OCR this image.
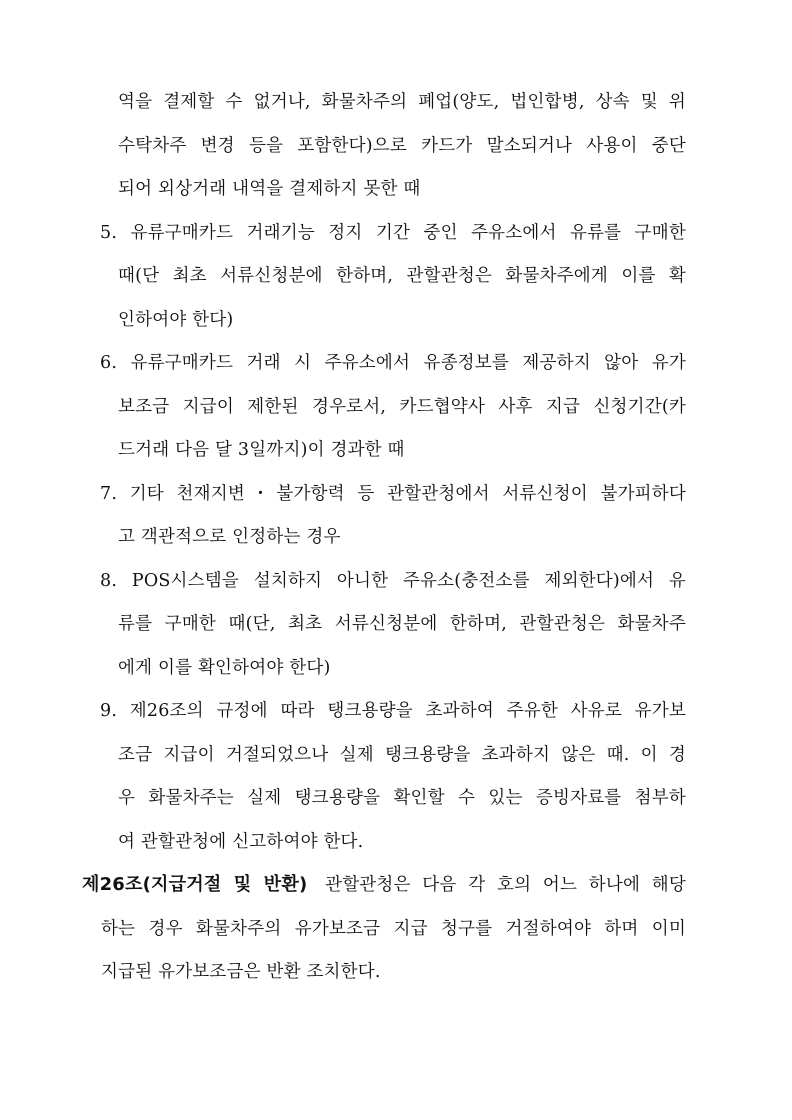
역을 결제할 수 없거나, 화물차주의 폐업(양도, 법인합병, 상속 및 위
수탁차주 변경 등을 포함한다)으로 카드가 말소되거나 사용이 중단
되어 외상거래 내역을 결제하지 못한 때
5. 유류구매카드 거래기능 정지 기간 중인 주유소에서 유류를 구매한
때(단 최초 서류신청분에 한하며, 관할관청은 화물차주에게 이를 확
인하여야 한다)
6. 유류구매카드 거래 시 주유소에서 유종정보를 제공하지 않아 유가
보조금 지급이 제한된 경우로서, 카드협약사 사후 지급 신청기간(카
드거래 다음 달 3일까지)이 경과한 때
7. 기타 천재지변・불가항력 등 관할관청에서 서류신청이 불가피하다
고 객관적으로 인정하는 경우
8. POS시스템을 설치하지 아니한 주유소(충전소를 제외한다)에서 유
류를 구매한 때(단, 최초 서류신청분에 한하며, 관할관청은 화물차주
에게 이를 확인하여야 한다)
9. 제26조의 규정에 따라 탱크용량을 초과하여 주유한 사유로 유가보
조금 지급이 거절되었으나 실제 탱크용량을 초과하지 않은 때. 이 경
우 화물차주는 실제 탱크용량을 확인할 수 있는 증빙자료를 첨부하
여 관할관청에 신고하여야 한다.
제26조(지급거절 및 반환) 관할관청은 다음 각 호의 어느 하나에 해당
하는 경우 화물차주의 유가보조금 지급 청구를 거절하여야 하며 이미
지급된 유가보조금은 반환 조치한다.
